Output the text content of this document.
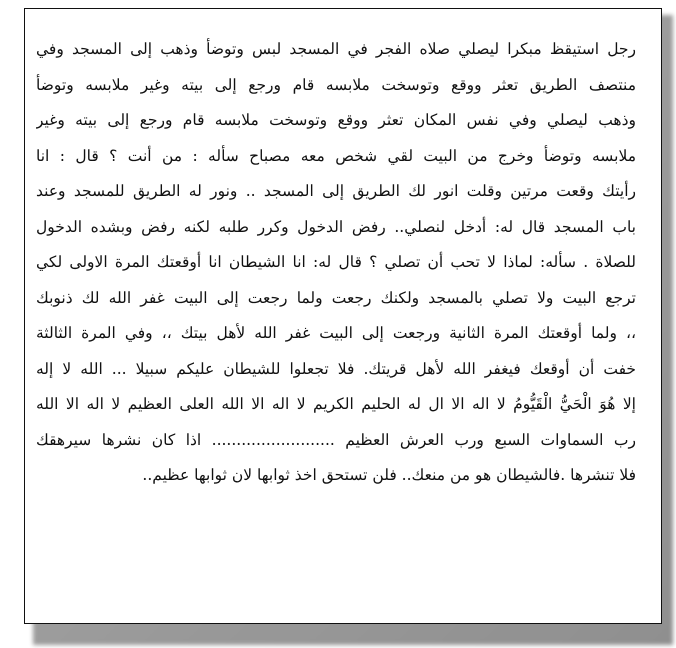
رجل استيقظ مبكرا ليصلي صلاه الفجر في المسجد لبس وتوضأ وذهب إلى المسجد وفي
منتصف الطريق تعثر ووقع وتوسخت ملابسه قام ورجع إلى بيته وغير ملابسه وتوضأ
وذهب ليصلي وفي نفس المكان تعثر ووقع وتوسخت ملابسه قام ورجع إلى بيته وغير
ملابسه وتوضأ وخرج من البيت لقي شخص معه مصباح سأله : من أنت ؟ قال : انا
رأيتك وقعت مرتين وقلت انور لك الطريق إلى المسجد .. ونور له الطريق للمسجد وعند
باب المسجد قال له: أدخل لنصلي.. رفض الدخول وكرر طلبه لكنه رفض وبشده الدخول
للصلاة . سأله: لماذا لا تحب أن تصلي ؟ قال له: انا الشيطان انا أوقعتك المرة الاولى لكي
ترجع البيت ولا تصلي بالمسجد ولكنك رجعت ولما رجعت إلى البيت غفر الله لك ذنوبك
،، ولما أوقعتك المرة الثانية ورجعت إلى البيت غفر الله لأهل بيتك ،، وفي المرة الثالثة
خفت أن أوقعك فيغفر الله لأهل قريتك. فلا تجعلوا للشيطان عليكم سبيلا ... الله لا إله
إلا هُوَ الْحَيُّ الْقَيُّومُ لا اله الا ال له الحليم الكريم لا اله الا الله العلى العظيم لا اله الا الله
رب السماوات السبع ورب العرش العظيم ......................... اذا كان نشرها سيرهقك
فلا تنشرها .فالشيطان هو من منعك.. فلن تستحق اخذ ثوابها لان ثوابها عظيم..
